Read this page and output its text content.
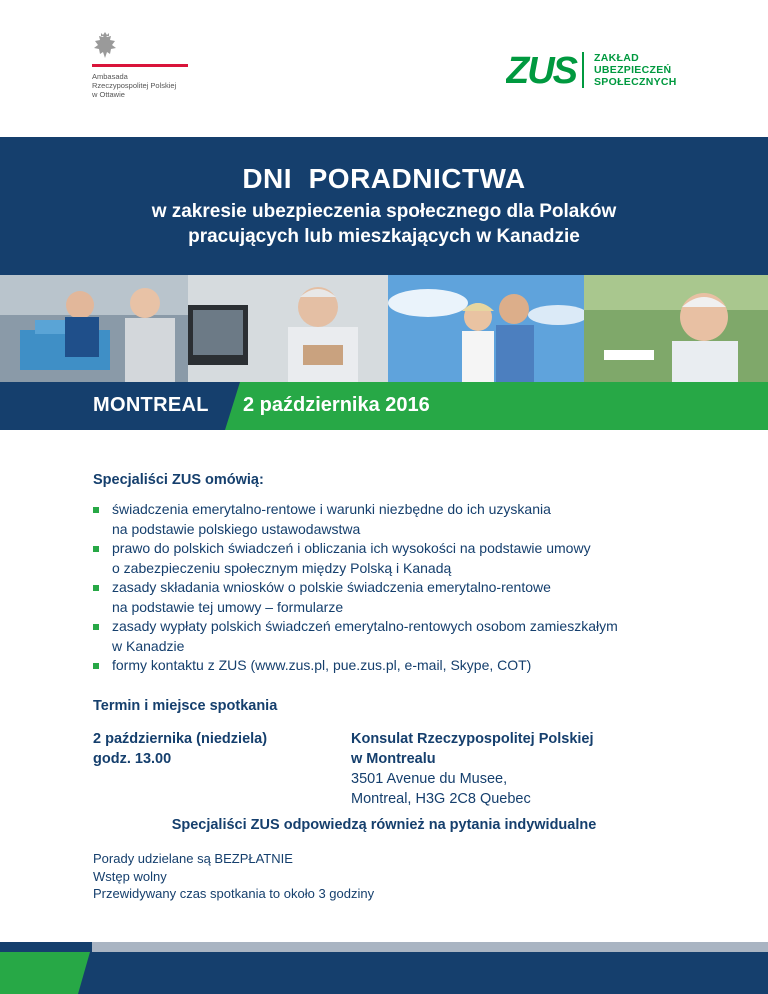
Ambasada
Rzeczypospolitej Polskiej
w Ottawie
ZUS ZAKŁAD
UBEZPIECZEŃ
SPOŁECZNYCH
DNI  PORADNICTWA
w zakresie ubezpieczenia społecznego dla Polaków
pracujących lub mieszkających w Kanadzie
MONTREAL 2 października 2016
Specjaliści ZUS omówią:
świadczenia emerytalno-rentowe i warunki niezbędne do ich uzyskania
na podstawie polskiego ustawodawstwa
prawo do polskich świadczeń i obliczania ich wysokości na podstawie umowy
o zabezpieczeniu społecznym między Polską i Kanadą
zasady składania wniosków o polskie świadczenia emerytalno-rentowe
na podstawie tej umowy – formularze
zasady wypłaty polskich świadczeń emerytalno-rentowych osobom zamieszkałym
w Kanadzie
formy kontaktu z ZUS (www.zus.pl, pue.zus.pl, e-mail, Skype, COT)
Termin i miejsce spotkania
2 października (niedziela)
godz. 13.00
Konsulat Rzeczypospolitej Polskiej
w Montrealu
3501 Avenue du Musee,
Montreal, H3G 2C8 Quebec
Specjaliści ZUS odpowiedzą również na pytania indywidualne
Porady udzielane są BEZPŁATNIE
Wstęp wolny
Przewidywany czas spotkania to około 3 godziny
